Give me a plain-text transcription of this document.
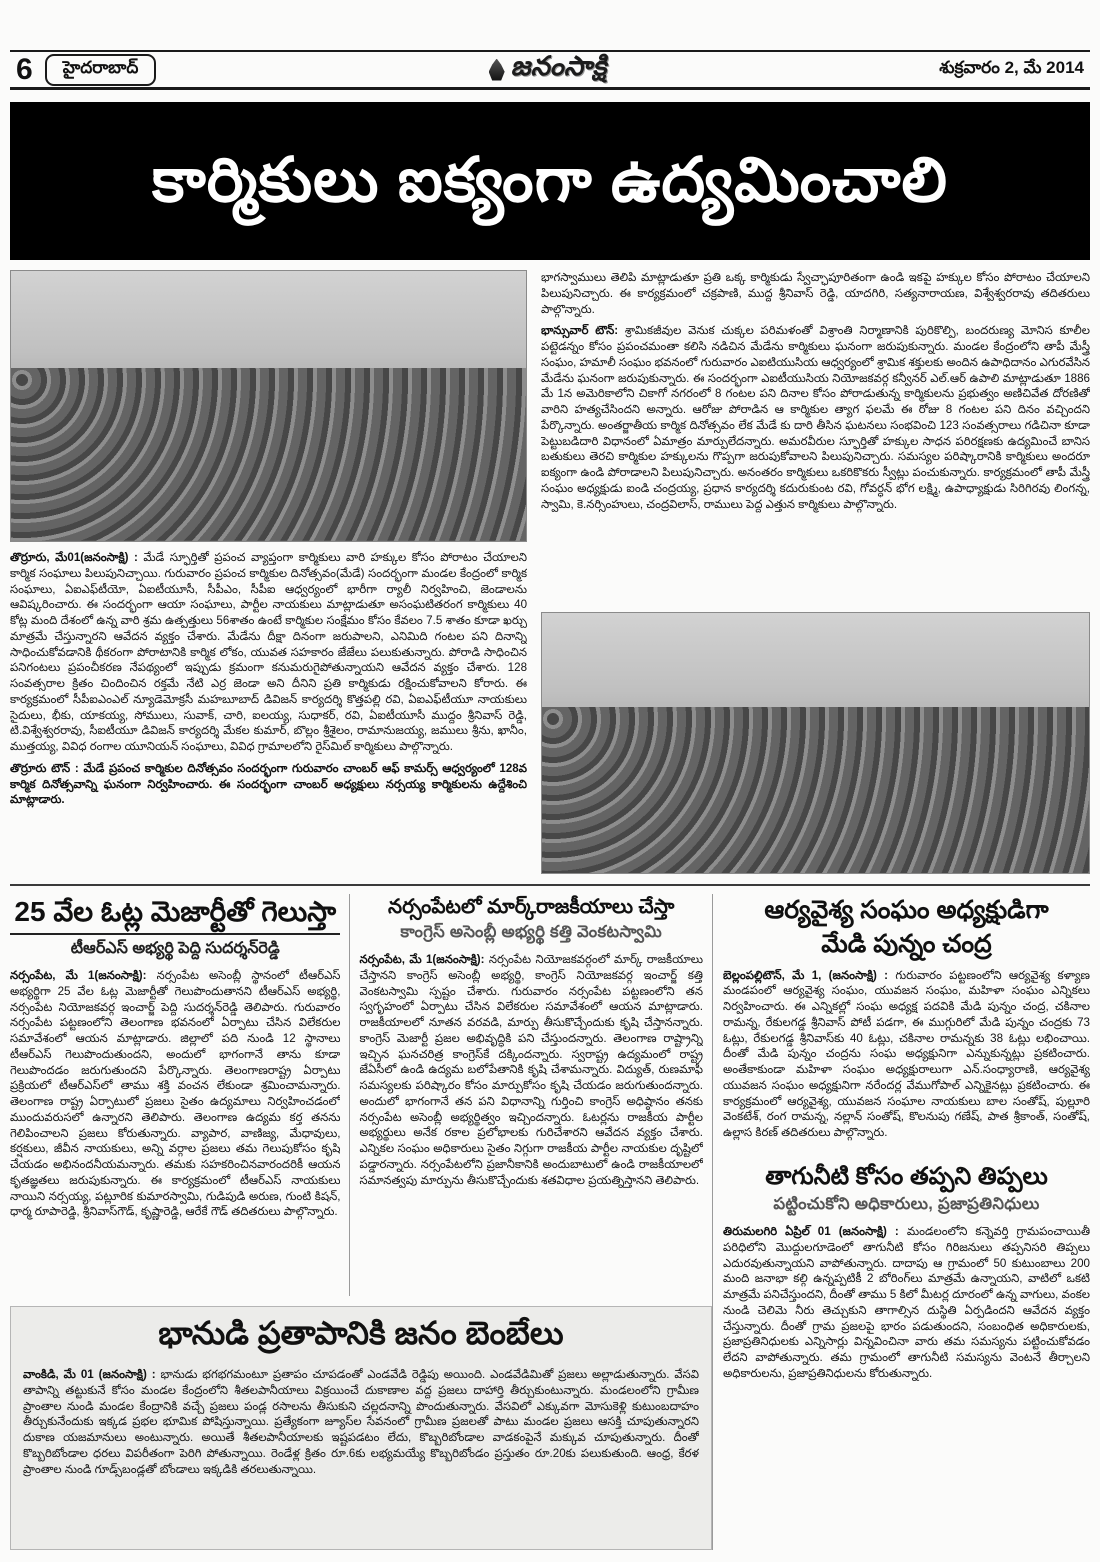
6	హైదరాబాద్	జనంసాక్షి	శుక్రవారం 2, మే 2014
కార్మికులు ఐక్యంగా ఉద్యమించాలి

తొర్రూరు, మే01(జనంసాక్షి) : మేడే స్ఫూర్తితో ప్రపంచ వ్యాప్తంగా కార్మికులు వారి హక్కుల కోసం పోరాటం చేయాలని కార్మిక సంఘాలు పిలుపునిచ్చాయి. గురువారం ప్రపంచ కార్మికుల దినోత్సవం(మేడే) సందర్భంగా మండల కేంద్రంలో కార్మిక సంఘాలు, ఏఐఎఫ్‌టీయో, ఏఐటీయూసీ, సీపీఎం, సీపీఐ ఆధ్వర్యంలో భారీగా ర్యాలీ నిర్వహించి, జెండాలను ఆవిష్కరించారు. ఈ సందర్భంగా ఆయా సంఘాలు, పార్టీల నాయకులు మాట్లాడుతూ అసంఘటితరంగ కార్మికులు 40 కోట్ల మంది దేశంలో ఉన్న వారి శ్రమ ఉత్పత్తులు 56శాతం ఉంటే కార్మికుల సంక్షేమం కోసం కేవలం 7.5 శాతం కూడా ఖర్చు మాత్రమే చేస్తున్నారని ఆవేదన వ్యక్తం చేశారు. మేడేను దీక్షా దినంగా జరుపాలని, ఎనిమిది గంటల పని దినాన్ని సాధించుకోవడానికి థీకరంగా పోరాటానికి కార్మిక లోకం, యువత సహకారం జేజేలు పలుకుతున్నారు. పోరాడి సాధించిన పనిగంటలు ప్రపంచీకరణ నేపథ్యంలో ఇప్పుడు క్రమంగా కనుమరుగైపోతున్నాయని ఆవేదన వ్యక్తం చేశారు. 128 సంవత్సరాల క్రితం చిందించిన రక్తమే నేటి ఎర్ర జెండా అని దీనిని ప్రతి కార్మికుడు రక్షించుకోవాలని కోరారు. ఈ కార్యక్రమంలో సీపీఐఎంఎల్ న్యూడెమోక్రసీ మహబూబాద్ డివిజన్ కార్యదర్శి కొత్తపల్లి రవి, ఏఐఎఫ్‌టీయూ నాయకులు సైదులు, భీకు, యాకయ్య, సోములు, సువాక్, చారి, ఐలయ్య, సుధాకర్, రవి, ఏఐటీయూసీ ముద్దం శ్రీనివాస్ రెడ్డి, టి.విశ్వేశ్వరరావు, సీఐటీయూ డివిజన్ కార్యదర్శి మేకల కుమార్, బొల్లం శ్రీశైలం, రామానుజయ్య, జములు శ్రీను, ఖానీం, ముత్తయ్య, వివిధ రంగాల యూనియన్ సంఘాలు, వివిధ గ్రామాలలోని రైస్‌మిల్ కార్మికులు పాల్గొన్నారు.

తొర్రూరు టౌన్ : మేడే ప్రపంచ కార్మికుల దినోత్సవం సందర్భంగా గురువారం చాంబర్ ఆఫ్ కామర్స్ ఆధ్వర్యంలో 128వ కార్మిక దినోత్సవాన్ని ఘనంగా నిర్వహించారు. ఈ సందర్భంగా చాంబర్ అధ్యక్షులు నర్సయ్య కార్మికులను ఉద్దేశించి మాట్లాడారు.

భాగస్వాములు తెలిపి మాట్లాడుతూ ప్రతి ఒక్క కార్మికుడు స్వేచ్ఛాపూరితంగా ఉండి ఇకపై హక్కుల కోసం పోరాటం చేయాలని పిలుపునిచ్చారు. ఈ కార్యక్రమంలో చక్రపాణి, ముద్ద శ్రీనివాస్ రెడ్డి, యాదగిరి, సత్యనారాయణ, విశ్వేశ్వరరావు తదితరులు పాల్గొన్నారు.

భాన్సువార్ టౌన్: శ్రామికజీవుల వెనుక చుక్కల పరిమళంతో విశ్రాంతి నిర్మాణానికి పురికొల్పి, బందరుణ్య మోనిస కూలీల పట్టెడన్నం కోసం ప్రపంచమంతా కలిసి నడిచిన మేడేను కార్మికులు ఘనంగా జరుపుకున్నారు. మండల కేంద్రంలోని తాపీ మేస్త్రీ సంఘం, హమాలీ సంఘం భవనంలో గురువారం ఎఐటియుసియ ఆధ్వర్యంలో శ్రామిక శక్తులకు అందిన ఉపాధిదానం ఎగురవేసిన మేడేను ఘనంగా జరుపుకున్నారు. ఈ సందర్భంగా ఎఐటీయుసియ నియోజకవర్గ కన్వీనర్ ఎల్.ఆర్ ఉపాలి మాట్లాడుతూ 1886 మే 1న అమెరికాలోని చికాగో నగరంలో 8 గంటల పని దినాల కోసం పోరాడుతున్న కార్మికులను ప్రభుత్వం అణిచివేత దోరణితో వారిని హత్యచేసిందని అన్నారు. ఆరోజు పోరాడిన ఆ కార్మికుల త్యాగ ఫలమే ఈ రోజు 8 గంటల పని దినం వచ్చిందని పేర్కొన్నారు. అంతర్జాతీయ కార్మిక దినోత్సవం లేక మేడే కు దారి తీసిన ఘటనలు సంభవించి 123 సంవత్సరాలు గడిచినా కూడా పెట్టుబడిదారి విధానంలో ఏమాత్రం మార్పులేదన్నారు. అమరవీరుల స్ఫూర్తితో హక్కుల సాధన పరిరక్షణకు ఉద్యమించే బానిస బతుకులు తెరచి కార్మికుల హక్కులను గొప్పగా జరుపుకోవాలని పిలుపునిచ్చారు. సమస్యల పరిష్కారానికి కార్మికులు అందరూ ఐక్యంగా ఉండి పోరాడాలని పిలుపునిచ్చారు. అనంతరం కార్మికులు ఒకరికొకరు స్వీట్లు పంచుకున్నారు. కార్యక్రమంలో తాపీ మేస్త్రీ సంఘం అధ్యక్షుడు ఐండి చంద్రయ్య, ప్రధాన కార్యదర్శి కదురుకుంట రవి, గోవర్ధన్ భోగ లక్ష్మి, ఉపాధ్యాక్షుడు సిరిగిరవు లింగన్న, స్వామి, కె.నర్సింహులు, చంద్రవిలాస్, రాములు పెద్ద ఎత్తున కార్మికులు పాల్గొన్నారు.

25 వేల ఓట్ల మెజార్టీతో గెలుస్తా
టీఆర్ఎస్ అభ్యర్థి పెద్ది సుదర్శన్‌రెడ్డి

నర్సంపేట, మే 1(జనంసాక్షి): నర్సంపేట అసెంబ్లీ స్థానంలో టీఆర్ఎస్ అభ్యర్థిగా 25 వేల ఓట్ల మెజార్టీతో గెలుపొందుతానని టీఆర్ఎస్ అభ్యర్థి, నర్సంపేట నియోజకవర్గ ఇంచార్జ్ పెద్ది సుదర్శన్‌రెడ్డి తెలిపారు. గురువారం నర్సంపేట పట్టణంలోని తెలంగాణ భవనంలో ఏర్పాటు చేసిన విలేకరుల సమావేశంలో ఆయన మాట్లాడారు. జిల్లాలో పది నుండి 12 స్థానాలు టీఆర్ఎస్ గెలుపొందుతుందని, అందులో భాగంగానే తాను కూడా గెలుపొందడం జరుగుతుందని పేర్కొన్నారు. తెలంగాణరాష్ట్ర ఏర్పాటు ప్రక్రియలో టీఆర్ఎస్‌లో తాము శక్తి వంచన లేకుండా శ్రమించామన్నారు. తెలంగాణ రాష్ట్ర ఏర్పాటులో ప్రజలు సైతం ఉద్యమాలు నిర్వహించడంలో ముందువరుసలో ఉన్నారని తెలిపారు. తెలంగాణ ఉద్యమ కర్త తనను గెలిపించాలని ప్రజలు కోరుతున్నారు. వ్యాపార, వాణిజ్య, మేధావులు, కర్షకులు, జీవీన నాయకులు, అన్ని వర్గాల ప్రజలు తమ గెలుపుకోసం కృషి చేయడం అభినందనీయమన్నారు. తమకు సహకరించినవారందరికీ ఆయన కృతజ్ఞతలు జరుపుకున్నారు. ఈ కార్యక్రమంలో టీఆర్ఎస్ నాయకులు నాయిని నర్సయ్య, పట్లూరిక కుమారస్వామి, గుడిపుడి అరుణ, గుంటి కిషన్, ధార్మ రూపారెడ్డి, శ్రీనివాస్‌గౌడ్, కృష్ణారెడ్డి, ఆరేకే గౌడ్ తదితరులు పాల్గొన్నారు.

నర్సంపేటలో మార్క్‌రాజకీయాలు చేస్తా
కాంగ్రెస్ అసెంబ్లీ అభ్యర్థి కత్తి వెంకటస్వామి

నర్సంపేట, మే 1(జనంసాక్షి): నర్సంపేట నియోజకవర్గంలో మార్క్ రాజకీయాలు చేస్తానని కాంగ్రెస్ అసెంబ్లీ అభ్యర్థి, కాంగ్రెస్ నియోజకవర్గ ఇంచార్జ్ కత్తి వెంకటస్వామి స్పష్టం చేశారు. గురువారం నర్సంపేట పట్టణంలోని తన స్వగృహంలో ఏర్పాటు చేసిన విలేకరుల సమావేశంలో ఆయన మాట్లాడారు. రాజకీయాలలో నూతన వరవడి, మార్పు తీసుకొచ్చేందుకు కృషి చేస్తానన్నారు. కాంగ్రెస్ మెజార్టీ ప్రజల అభివృద్ధికి పని చేస్తుందన్నారు. తెలంగాణ రాష్ట్రాన్ని ఇచ్చిన ఘనచరిత్ర కాంగ్రెస్‌కే దక్కిందన్నారు. స్వరాష్ట్ర ఉద్యమంలో రాష్ట్ర జేఏసీలో ఉండి ఉద్యమ బలోపేతానికి కృషి చేశామన్నారు. విద్యుత్, రుణమాఫీ సమస్యలకు పరిష్కారం కోసం మార్పుకోసం కృషి చేయడం జరుగుతుందన్నారు. అందులో భాగంగానే తన పని విధానాన్ని గుర్తించి కాంగ్రెస్ అధిష్ఠానం తనకు నర్సంపేట అసెంబ్లీ అభ్యర్థిత్వం ఇచ్చిందన్నారు. ఓటర్లను రాజకీయ పార్టీల అభ్యర్థులు అనేక రకాల ప్రలోభాలకు గురిచేశారని ఆవేదన వ్యక్తం చేశారు. ఎన్నికల సంఘం అధికారులు సైతం నిగ్గుగా రాజకీయ పార్టీల నాయకుల దృష్టిలో పడ్డారన్నారు. నర్సంపేటలోని ప్రజానీకానికి అందుబాటులో ఉండి రాజకీయాలలో సమానత్వపు మార్పును తీసుకొచ్చేందుకు శతవిధాల ప్రయత్నిస్తానని తెలిపారు.

భానుడి ప్రతాపానికి జనం బెంబేలు

వాంకిడి, మే 01 (జనంసాక్షి) : భానుడు భగభగమంటూ ప్రతాపం చూపడంతో ఎండవేడి రెడ్డిపు అయింది. ఎండవేడిమితో ప్రజలు అల్లాడుతున్నారు. వేసవి తాపాన్ని తట్టుకునే కోసం మండల కేంద్రంలోని శీతలపానీయాలు విక్రయించే దుకాణాల వద్ద ప్రజలు దాహార్తి తీర్చుకుంటున్నారు. మండలంలోని గ్రామీణ ప్రాంతాల నుండి మండల కేంద్రానికి వచ్చే ప్రజలు పండ్ల రసాలను తీసుకుని చల్లదనాన్ని పొందుతున్నారు. వేసవిలో ఎక్కువగా మోసుకెళ్లి కుటుంబదాహం తీర్చుకునేందుకు ఇక్కడ ప్రభల భూమిక పోషిస్తున్నాయి. ప్రత్యేకంగా జ్యూస్‌ల సేవనంలో గ్రామీణ ప్రజలతో పాటు మండల ప్రజలు ఆసక్తి చూపుతున్నారని దుకాణ యజమానులు అంటున్నారు. అయితే శీతలపానీయాలకు ఇష్టపడటం లేదు, కొబ్బరిబోండాల వాడకంపైనే మక్కువ చూపుతున్నారు. దీంతో కొబ్బరిబోండాల ధరలు విపరీతంగా పెరిగి పోతున్నాయి. రెండేళ్ల క్రితం రూ.6కు లభ్యమయ్యే కొబ్బరిబోండం ప్రస్తుతం రూ.20కు పలుకుతుంది. ఆంధ్ర, కేరళ ప్రాంతాల నుండి గూడ్స్‌బండ్లతో బోండాలు ఇక్కడికి తరలుతున్నాయి.

ఆర్యవైశ్య సంఘం అధ్యక్షుడిగా
మేడి పున్నం చంద్ర

బెల్లంపల్లిటౌన్, మే 1, (జనంసాక్షి) : గురువారం పట్టణంలోని ఆర్యవైశ్య కళ్యాణ మండపంలో ఆర్యవైశ్య సంఘం, యువజన సంఘం, మహిళా సంఘం ఎన్నికలు నిర్వహించారు. ఈ ఎన్నికల్లో సంఘ అధ్యక్ష పదవికి మేడి పున్నం చంద్ర, చకినాల రామన్న, రేకులగడ్డ శ్రీనివాస్ పోటీ పడగా, ఈ ముగ్గురిలో మేడి పున్నం చంద్రకు 73 ఓట్లు, రేకులగడ్డ శ్రీనివాస్‌కు 40 ఓట్లు, చకినాల రామన్నకు 38 ఓట్లు లభించాయి. దీంతో మేడి పున్నం చంద్రను సంఘ అధ్యక్షునిగా ఎన్నుకున్నట్లు ప్రకటించారు. అంతేకాకుండా మహిళా సంఘం అధ్యక్షురాలుగా ఎన్.సంధ్యారాణి, ఆర్యవైశ్య యువజన సంఘం అధ్యక్షునిగా నరేందర్ల వేముగోపాల్ ఎన్నికైనట్లు ప్రకటించారు. ఈ కార్యక్రమంలో ఆర్యవైశ్య, యువజన సంఘాల నాయకులు బాల సంతోష్, పుల్లూరి వెంకటేశ్, రంగ రామన్న, నల్లాన్ సంతోష్, కొలనుపు గణేష్, పాత శ్రీకాంత్, సంతోష్, ఉల్లాస కిరణ్ తదితరులు పాల్గొన్నారు.

తాగునీటి కోసం తప్పని తిప్పలు
పట్టించుకోని అధికారులు, ప్రజాప్రతినిధులు

తిరుమలగిరి ఏప్రిల్ 01 (జనంసాక్షి) : మండలంలోని కన్నెవర్తి గ్రామపంచాయితీ పరిధిలోని మొద్దులగూడెంలో తాగునీటి కోసం గిరిజనులు తప్పనిసరి తిప్పలు ఎదురవుతున్నాయని వాపోతున్నారు. దాదాపు ఆ గ్రామంలో 50 కుటుంబాలు 200 మంది జనాభా కల్గి ఉన్నప్పటికీ 2 బోరింగ్‌లు మాత్రమే ఉన్నాయని, వాటిలో ఒకటి మాత్రమే పనిచేస్తుందని, దీంతో తాము 5 కిలో మీటర్ల దూరంలో ఉన్న వాగులు, వంకల నుండి చెలిమె నీరు తెచ్చుకుని తాగాల్సిన దుస్థితి ఏర్పడిందని ఆవేదన వ్యక్తం చేస్తున్నారు. దీంతో గ్రామ ప్రజలపై భారం పడుతుందని, సంబంధిత అధికారులకు, ప్రజాప్రతినిధులకు ఎన్నిసార్లు విన్నవించినా వారు తమ సమస్యను పట్టించుకోవడం లేదని వాపోతున్నారు. తమ గ్రామంలో తాగునీటి సమస్యను వెంటనే తీర్చాలని అధికారులను, ప్రజాప్రతినిధులను కోరుతున్నారు.
